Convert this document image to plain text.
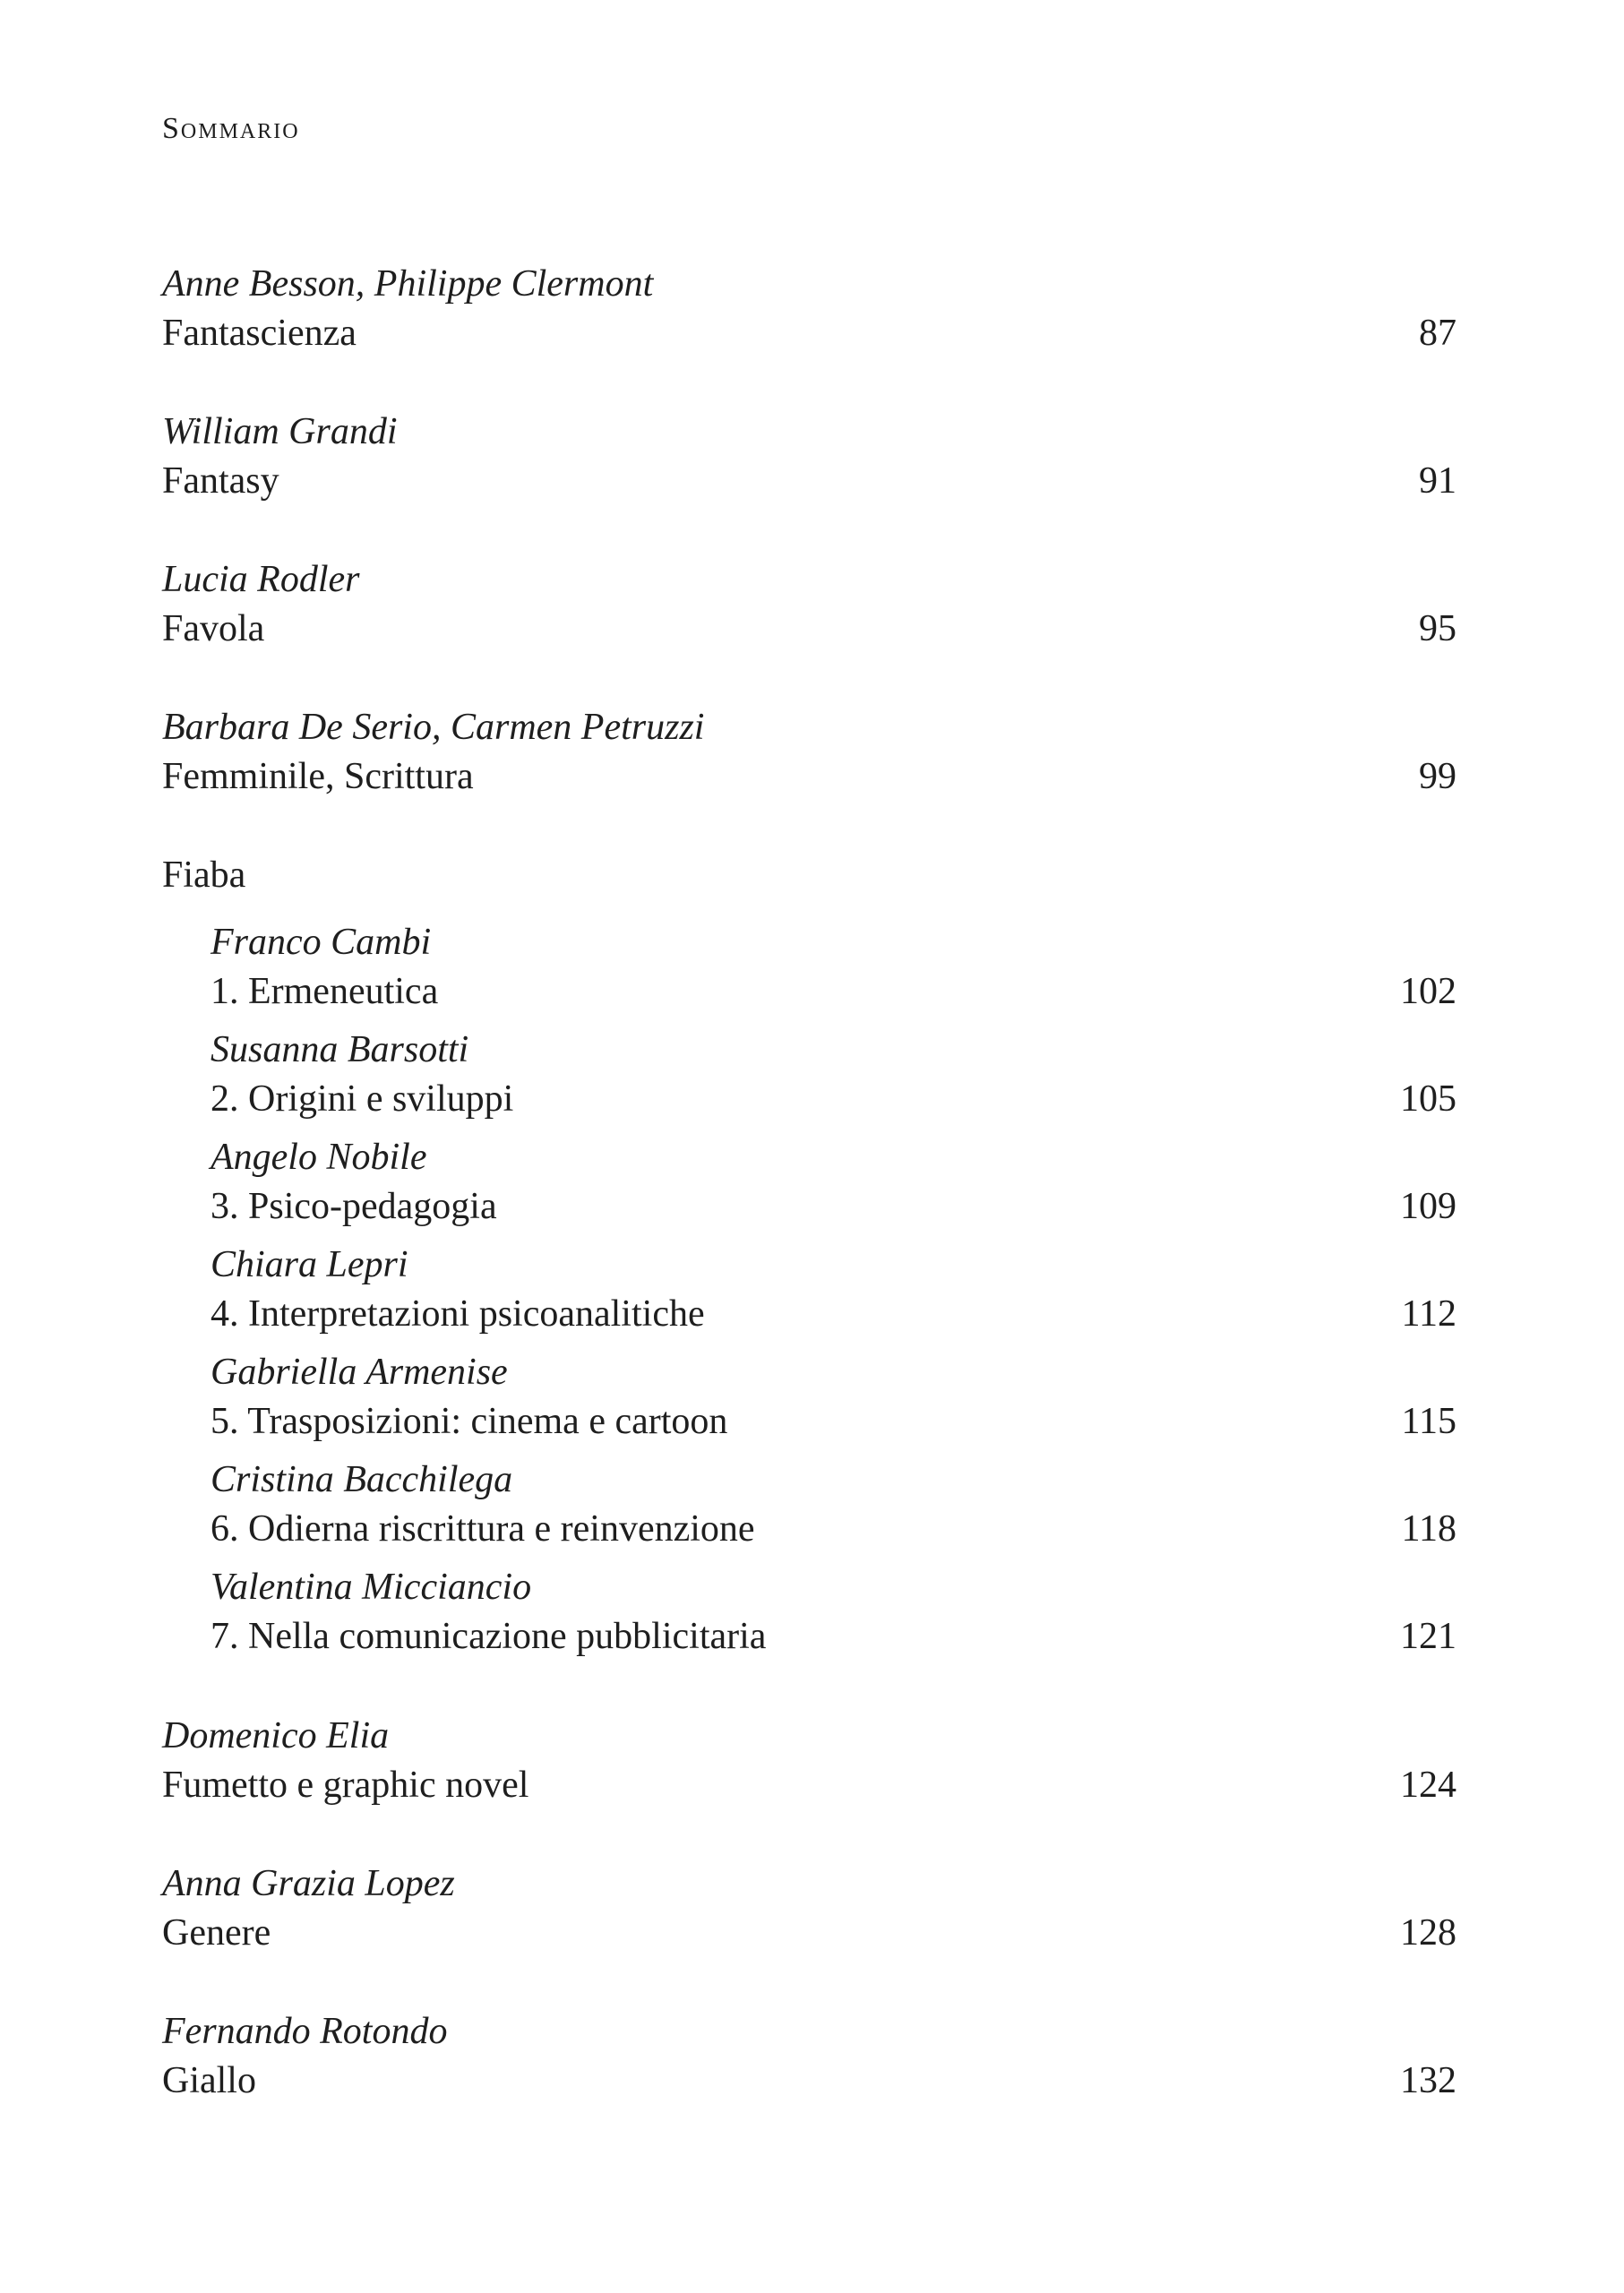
Sommario
Anne Besson, Philippe Clermont
Fantascienza	87
William Grandi
Fantasy	91
Lucia Rodler
Favola	95
Barbara De Serio, Carmen Petruzzi
Femminile, Scrittura	99
Fiaba
Franco Cambi
1. Ermeneutica	102
Susanna Barsotti
2. Origini e sviluppi	105
Angelo Nobile
3. Psico-pedagogia	109
Chiara Lepri
4. Interpretazioni psicoanalitiche	112
Gabriella Armenise
5. Trasposizioni: cinema e cartoon	115
Cristina Bacchilega
6. Odierna riscrittura e reinvenzione	118
Valentina Micciancio
7. Nella comunicazione pubblicitaria	121
Domenico Elia
Fumetto e graphic novel	124
Anna Grazia Lopez
Genere	128
Fernando Rotondo
Giallo	132
